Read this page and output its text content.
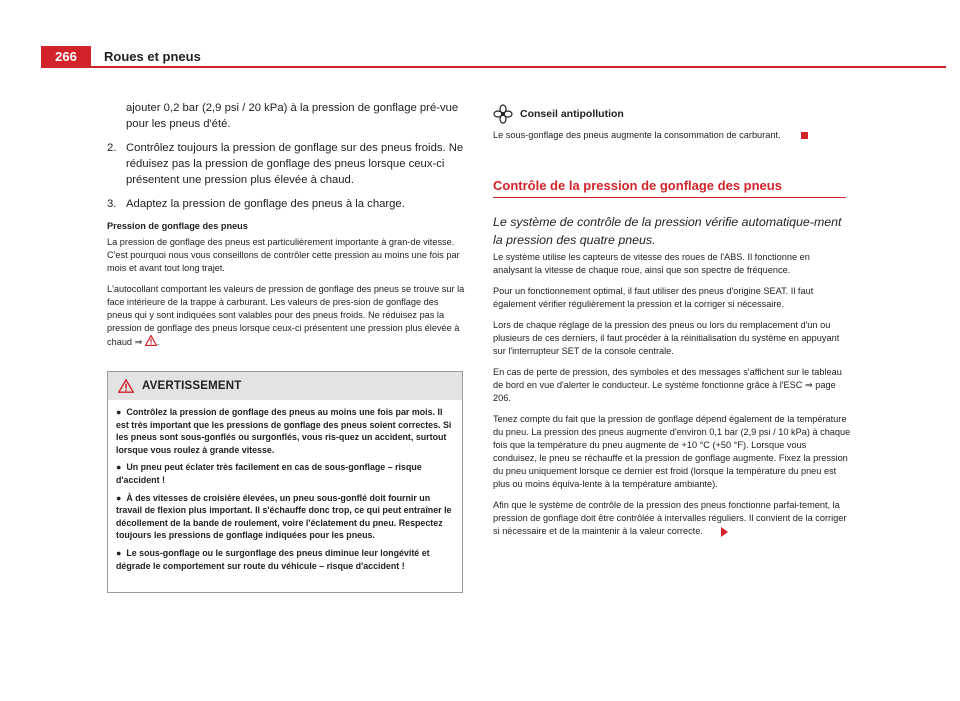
266	Roues et pneus
ajouter 0,2 bar (2,9 psi / 20 kPa) à la pression de gonflage pré-vue pour les pneus d'été.
2. Contrôlez toujours la pression de gonflage sur des pneus froids. Ne réduisez pas la pression de gonflage des pneus lorsque ceux-ci présentent une pression plus élevée à chaud.
3. Adaptez la pression de gonflage des pneus à la charge.
Pression de gonflage des pneus

La pression de gonflage des pneus est particulièrement importante à gran-de vitesse. C'est pourquoi nous vous conseillons de contrôler cette pression au moins une fois par mois et avant tout long trajet.

L'autocollant comportant les valeurs de pression de gonflage des pneus se trouve sur la face intérieure de la trappe à carburant. Les valeurs de pres-sion de gonflage des pneus qui y sont indiquées sont valables pour des pneus froids. Ne réduisez pas la pression de gonflage des pneus lorsque ceux-ci présentent une pression plus élevée à chaud ⇒ .

AVERTISSEMENT
● Contrôlez la pression de gonflage des pneus au moins une fois par mois. Il est très important que les pressions de gonflage des pneus soient correctes. Si les pneus sont sous-gonflés ou surgonflés, vous ris-quez un accident, surtout lorsque vous roulez à grande vitesse.
● Un pneu peut éclater très facilement en cas de sous-gonflage – risque d'accident !
● À des vitesses de croisière élevées, un pneu sous-gonflé doit fournir un travail de flexion plus important. Il s'échauffe donc trop, ce qui peut entraîner le décollement de la bande de roulement, voire l'éclatement du pneu. Respectez toujours les pressions de gonflage indiquées pour les pneus.
● Le sous-gonflage ou le surgonflage des pneus diminue leur longévité et dégrade le comportement sur route du véhicule – risque d'accident !
Conseil antipollution
Le sous-gonflage des pneus augmente la consommation de carburant.
Contrôle de la pression de gonflage des pneus
Le système de contrôle de la pression vérifie automatique-ment la pression des quatre pneus.

Le système utilise les capteurs de vitesse des roues de l'ABS. Il fonctionne en analysant la vitesse de chaque roue, ainsi que son spectre de fréquence.

Pour un fonctionnement optimal, il faut utiliser des pneus d'origine SEAT. Il faut également vérifier régulièrement la pression et la corriger si nécessaire.

Lors de chaque réglage de la pression des pneus ou lors du remplacement d'un ou plusieurs de ces derniers, il faut procéder à la réinitialisation du système en appuyant sur l'interrupteur SET de la console centrale.

En cas de perte de pression, des symboles et des messages s'affichent sur le tableau de bord en vue d'alerter le conducteur. Le système fonctionne grâce à l'ESC ⇒ page 206.

Tenez compte du fait que la pression de gonflage dépend également de la température du pneu. La pression des pneus augmente d'environ 0,1 bar (2,9 psi / 10 kPa) à chaque fois que la température du pneu augmente de +10 °C (+50 °F). Lorsque vous conduisez, le pneu se réchauffe et la pression de gonflage augmente. Fixez la pression du pneu uniquement lorsque ce dernier est froid (lorsque la température du pneu est plus ou moins équiva-lente à la température ambiante).

Afin que le système de contrôle de la pression des pneus fonctionne parfai-tement, la pression de gonflage doit être contrôlée à intervalles réguliers. Il convient de la corriger si nécessaire et de la maintenir à la valeur correcte.
